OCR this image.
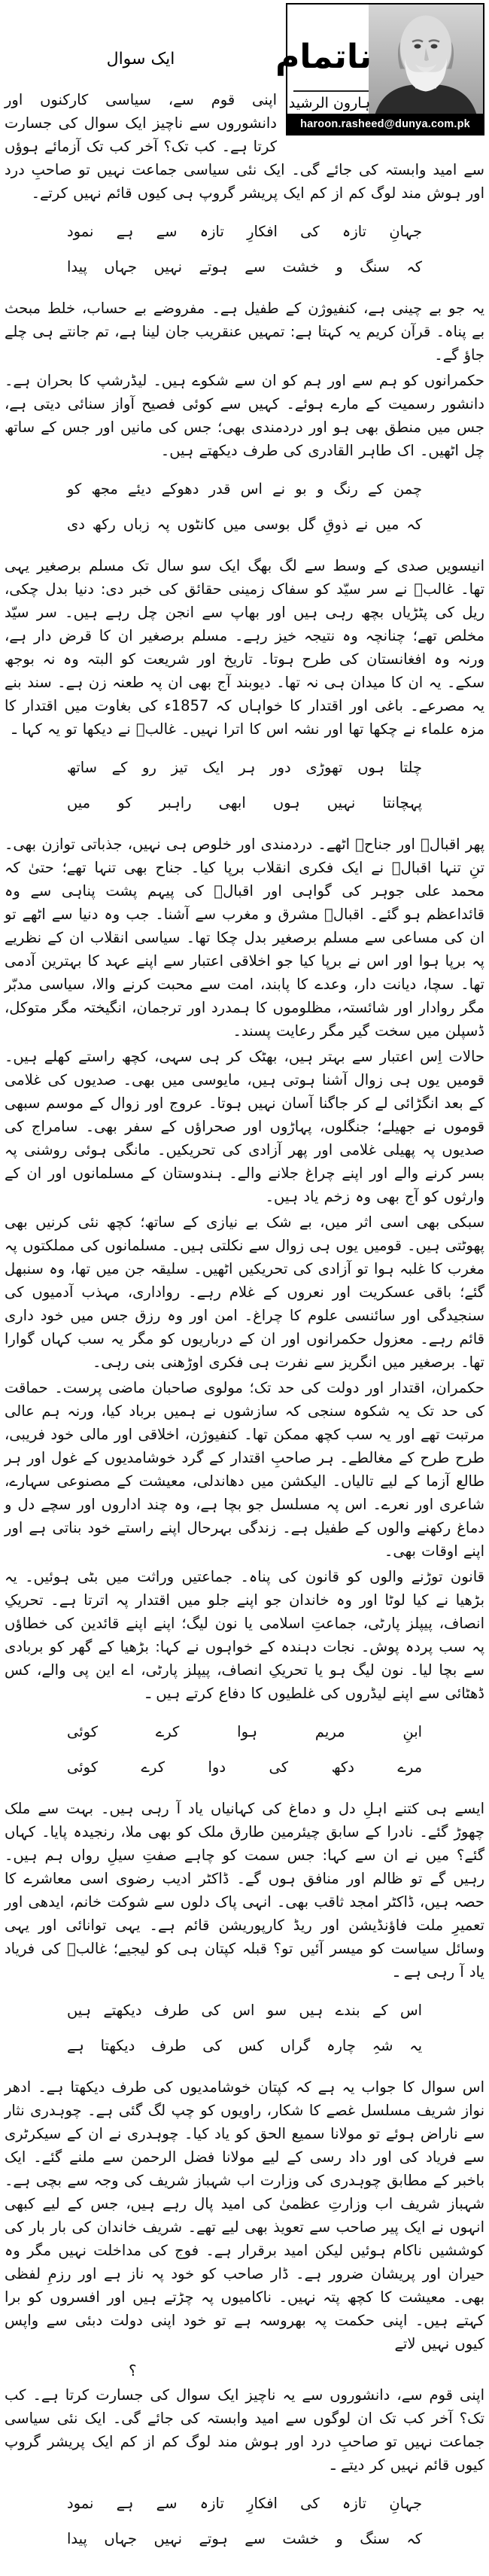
ناتمام
ہارون الرشید
haroon.rasheed@dunya.com.pk
ایک سوال
اپنی قوم سے، سیاسی کارکنوں اور دانشوروں سے ناچیز ایک سوال کی جسارت کرتا ہے۔ کب تک؟ آخر کب تک آزمائے ہوؤں سے امید وابستہ کی جائے گی۔ ایک نئی سیاسی جماعت نہیں تو صاحبِ درد اور ہوش مند لوگ کم از کم ایک پریشر گروپ ہی کیوں قائم نہیں کرتے۔
جہانِ تازہ کی افکارِ تازہ سے ہے نمود
کہ سنگ و خشت سے ہوتے نہیں جہاں پیدا
یہ جو بے چینی ہے، کنفیوژن کے طفیل ہے۔ مفروضے بے حساب، خلط مبحث بے پناہ۔ قرآن کریم یہ کہتا ہے: تمہیں عنقریب جان لینا ہے، تم جانتے ہی چلے جاؤ گے۔
حکمرانوں کو ہم سے اور ہم کو ان سے شکوے ہیں۔ لیڈرشپ کا بحران ہے۔ دانشور رسمیت کے مارے ہوئے۔ کہیں سے کوئی فصیح آواز سنائی دیتی ہے، جس میں منطق بھی ہو اور دردمندی بھی؛ جس کی مانیں اور جس کے ساتھ چل اٹھیں۔ اک طاہر القادری کی طرف دیکھتے ہیں۔
چمن کے رنگ و بو نے اس قدر دھوکے دیئے مجھ کو
کہ میں نے ذوقِ گل بوسی میں کانٹوں پہ زباں رکھ دی
انیسویں صدی کے وسط سے لگ بھگ ایک سو سال تک مسلم برصغیر یہی تھا۔ غالبؔ نے سر سیّد کو سفاک زمینی حقائق کی خبر دی: دنیا بدل چکی، ریل کی پٹڑیاں بچھ رہی ہیں اور بھاپ سے انجن چل رہے ہیں۔ سر سیّد مخلص تھے؛ چنانچہ وہ نتیجہ خیز رہے۔ مسلم برصغیر ان کا قرض دار ہے، ورنہ وہ افغانستان کی طرح ہوتا۔ تاریخ اور شریعت کو البتہ وہ نہ بوجھ سکے۔ یہ ان کا میدان ہی نہ تھا۔ دیوبند آج بھی ان پہ طعنہ زن ہے۔ سند بنے یہ مصرعے۔ باغی اور اقتدار کا خواہاں کہ 1857ء کی بغاوت میں اقتدار کا مزہ علماء نے چکھا تھا اور نشہ اس کا اترا نہیں۔ غالبؔ نے دیکھا تو یہ کہا ـ
چلتا ہوں تھوڑی دور ہر ایک تیز رو کے ساتھ
پہچانتا نہیں ہوں ابھی راہبر کو میں
پھر اقبالؔ اور جناحؒ اٹھے۔ دردمندی اور خلوص ہی نہیں، جذباتی توازن بھی۔ تنِ تنہا اقبالؔ نے ایک فکری انقلاب برپا کیا۔ جناح بھی تنہا تھے؛ حتیٰ کہ محمد علی جوہر کی گواہی اور اقبالؔ کی پیہم پشت پناہی سے وہ قائداعظم ہو گئے۔ اقبالؔ مشرق و مغرب سے آشنا۔ جب وہ دنیا سے اٹھے تو ان کی مساعی سے مسلم برصغیر بدل چکا تھا۔ سیاسی انقلاب ان کے نظریے پہ برپا ہوا اور اس نے برپا کیا جو اخلاقی اعتبار سے اپنے عہد کا بہترین آدمی تھا۔ سچا، دیانت دار، وعدے کا پابند، امت سے محبت کرنے والا، سیاسی مدبّر مگر روادار اور شائستہ، مظلوموں کا ہمدرد اور ترجمان، انگیختہ مگر متوکل، ڈسپلن میں سخت گیر مگر رعایت پسند۔
حالات اِس اعتبار سے بہتر ہیں، بھٹک کر ہی سہی، کچھ راستے کھلے ہیں۔ قومیں یوں ہی زوال آشنا ہوتی ہیں، مایوسی میں بھی۔ صدیوں کی غلامی کے بعد انگڑائی لے کر جاگنا آسان نہیں ہوتا۔ عروج اور زوال کے موسم سبھی قوموں نے جھیلے؛ جنگلوں، پہاڑوں اور صحراؤں کے سفر بھی۔ سامراج کی صدیوں پہ پھیلی غلامی اور پھر آزادی کی تحریکیں۔ مانگی ہوئی روشنی پہ بسر کرنے والے اور اپنے چراغ جلانے والے۔ ہندوستان کے مسلمانوں اور ان کے وارثوں کو آج بھی وہ زخم یاد ہیں۔
سبکی بھی اسی اثر میں، بے شک بے نیازی کے ساتھ؛ کچھ نئی کرنیں بھی پھوٹتی ہیں۔ قومیں یوں ہی زوال سے نکلتی ہیں۔ مسلمانوں کی مملکتوں پہ مغرب کا غلبہ ہوا تو آزادی کی تحریکیں اٹھیں۔ سلیقہ جن میں تھا، وہ سنبھل گئے؛ باقی عسکریت اور نعروں کے غلام رہے۔ رواداری، مہذب آدمیوں کی سنجیدگی اور سائنسی علوم کا چراغ۔ امن اور وہ رزق جس میں خود داری قائم رہے۔ معزول حکمرانوں اور ان کے درباریوں کو مگر یہ سب کہاں گوارا تھا۔ برصغیر میں انگریز سے نفرت ہی فکری اوڑھنی بنی رہی۔
حکمران، اقتدار اور دولت کی حد تک؛ مولوی صاحبان ماضی پرست۔ حماقت کی حد تک یہ شکوہ سنجی کہ سازشوں نے ہمیں برباد کیا، ورنہ ہم عالی مرتبت تھے اور یہ سب کچھ ممکن تھا۔ کنفیوژن، اخلاقی اور مالی خود فریبی، طرح طرح کے مغالطے۔ ہر صاحبِ اقتدار کے گرد خوشامدیوں کے غول اور ہر طالع آزما کے لیے تالیاں۔ الیکشن میں دھاندلی، معیشت کے مصنوعی سہارے، شاعری اور نعرے۔ اس پہ مسلسل جو بچا ہے، وہ چند اداروں اور سچے دل و دماغ رکھنے والوں کے طفیل ہے۔ زندگی بہرحال اپنے راستے خود بناتی ہے اور اپنے اوقات بھی۔
قانون توڑنے والوں کو قانون کی پناہ۔ جماعتیں وراثت میں بٹی ہوئیں۔ یہ بڑھیا نے کیا لوٹا اور وہ خاندان جو اپنے جلو میں اقتدار پہ اترتا ہے۔ تحریکِ انصاف، پیپلز پارٹی، جماعتِ اسلامی یا نون لیگ؛ اپنے اپنے قائدین کی خطاؤں پہ سب پردہ پوش۔ نجات دہندہ کے خواہوں نے کہا: بڑھیا کے گھر کو بربادی سے بچا لیا۔ نون لیگ ہو یا تحریکِ انصاف، پیپلز پارٹی، اے این پی والے، کس ڈھٹائی سے اپنے لیڈروں کی غلطیوں کا دفاع کرتے ہیں ـ
ابنِ مریم ہوا کرے کوئی
مرے دکھ کی دوا کرے کوئی
ایسے ہی کتنے اہلِ دل و دماغ کی کہانیاں یاد آ رہی ہیں۔ بہت سے ملک چھوڑ گئے۔ نادرا کے سابق چیئرمین طارق ملک کو بھی ملا، رنجیدہ پایا۔ کہاں گئے؟ میں نے ان سے کہا: جس سمت کو چاہے صفتِ سیلِ رواں ہم ہیں۔ رہیں گے تو ظالم اور منافق ہوں گے۔ ڈاکٹر ادیب رضوی اسی معاشرے کا حصہ ہیں، ڈاکٹر امجد ثاقب بھی۔ انہی پاک دلوں سے شوکت خانم، ایدھی اور تعمیرِ ملت فاؤنڈیشن اور ریڈ کارپوریشن قائم ہے۔ یہی توانائی اور یہی وسائل سیاست کو میسر آئیں تو؟ قبلہ کپتان ہی کو لیجیے؛ غالبؔ کی فریاد یاد آ رہی ہے ـ
اس کے بندے ہیں سو اس کی طرف دیکھتے ہیں
یہ شہِ چارہ گراں کس کی طرف دیکھتا ہے
اس سوال کا جواب یہ ہے کہ کپتان خوشامدیوں کی طرف دیکھتا ہے۔ ادھر نواز شریف مسلسل غصے کا شکار، راویوں کو چپ لگ گئی ہے۔ چوہدری نثار سے ناراض ہوئے تو مولانا سمیع الحق کو یاد کیا۔ چوہدری نے ان کے سیکرٹری سے فریاد کی اور داد رسی کے لیے مولانا فضل الرحمن سے ملنے گئے۔ ایک باخبر کے مطابق چوہدری کی وزارت اب شہباز شریف کی وجہ سے بچی ہے۔ شہباز شریف اب وزارتِ عظمیٰ کی امید پال رہے ہیں، جس کے لیے کبھی انہوں نے ایک پیر صاحب سے تعویذ بھی لیے تھے۔ شریف خاندان کی بار بار کی کوششیں ناکام ہوئیں لیکن امید برقرار ہے۔ فوج کی مداخلت نہیں مگر وہ حیران اور پریشان ضرور ہے۔ ڈار صاحب کو خود پہ ناز ہے اور رزمِ لفظی بھی۔ معیشت کا کچھ پتہ نہیں۔ ناکامیوں پہ چڑتے ہیں اور افسروں کو برا کہتے ہیں۔ اپنی حکمت پہ بھروسہ ہے تو خود اپنی دولت دبئی سے واپس کیوں نہیں لاتے
؟
اپنی قوم سے، دانشوروں سے یہ ناچیز ایک سوال کی جسارت کرتا ہے۔ کب تک؟ آخر کب تک ان لوگوں سے امید وابستہ کی جائے گی۔ ایک نئی سیاسی جماعت نہیں تو صاحبِ درد اور ہوش مند لوگ کم از کم ایک پریشر گروپ کیوں قائم نہیں کر دیتے ـ
جہانِ تازہ کی افکارِ تازہ سے ہے نمود
کہ سنگ و خشت سے ہوتے نہیں جہاں پیدا
